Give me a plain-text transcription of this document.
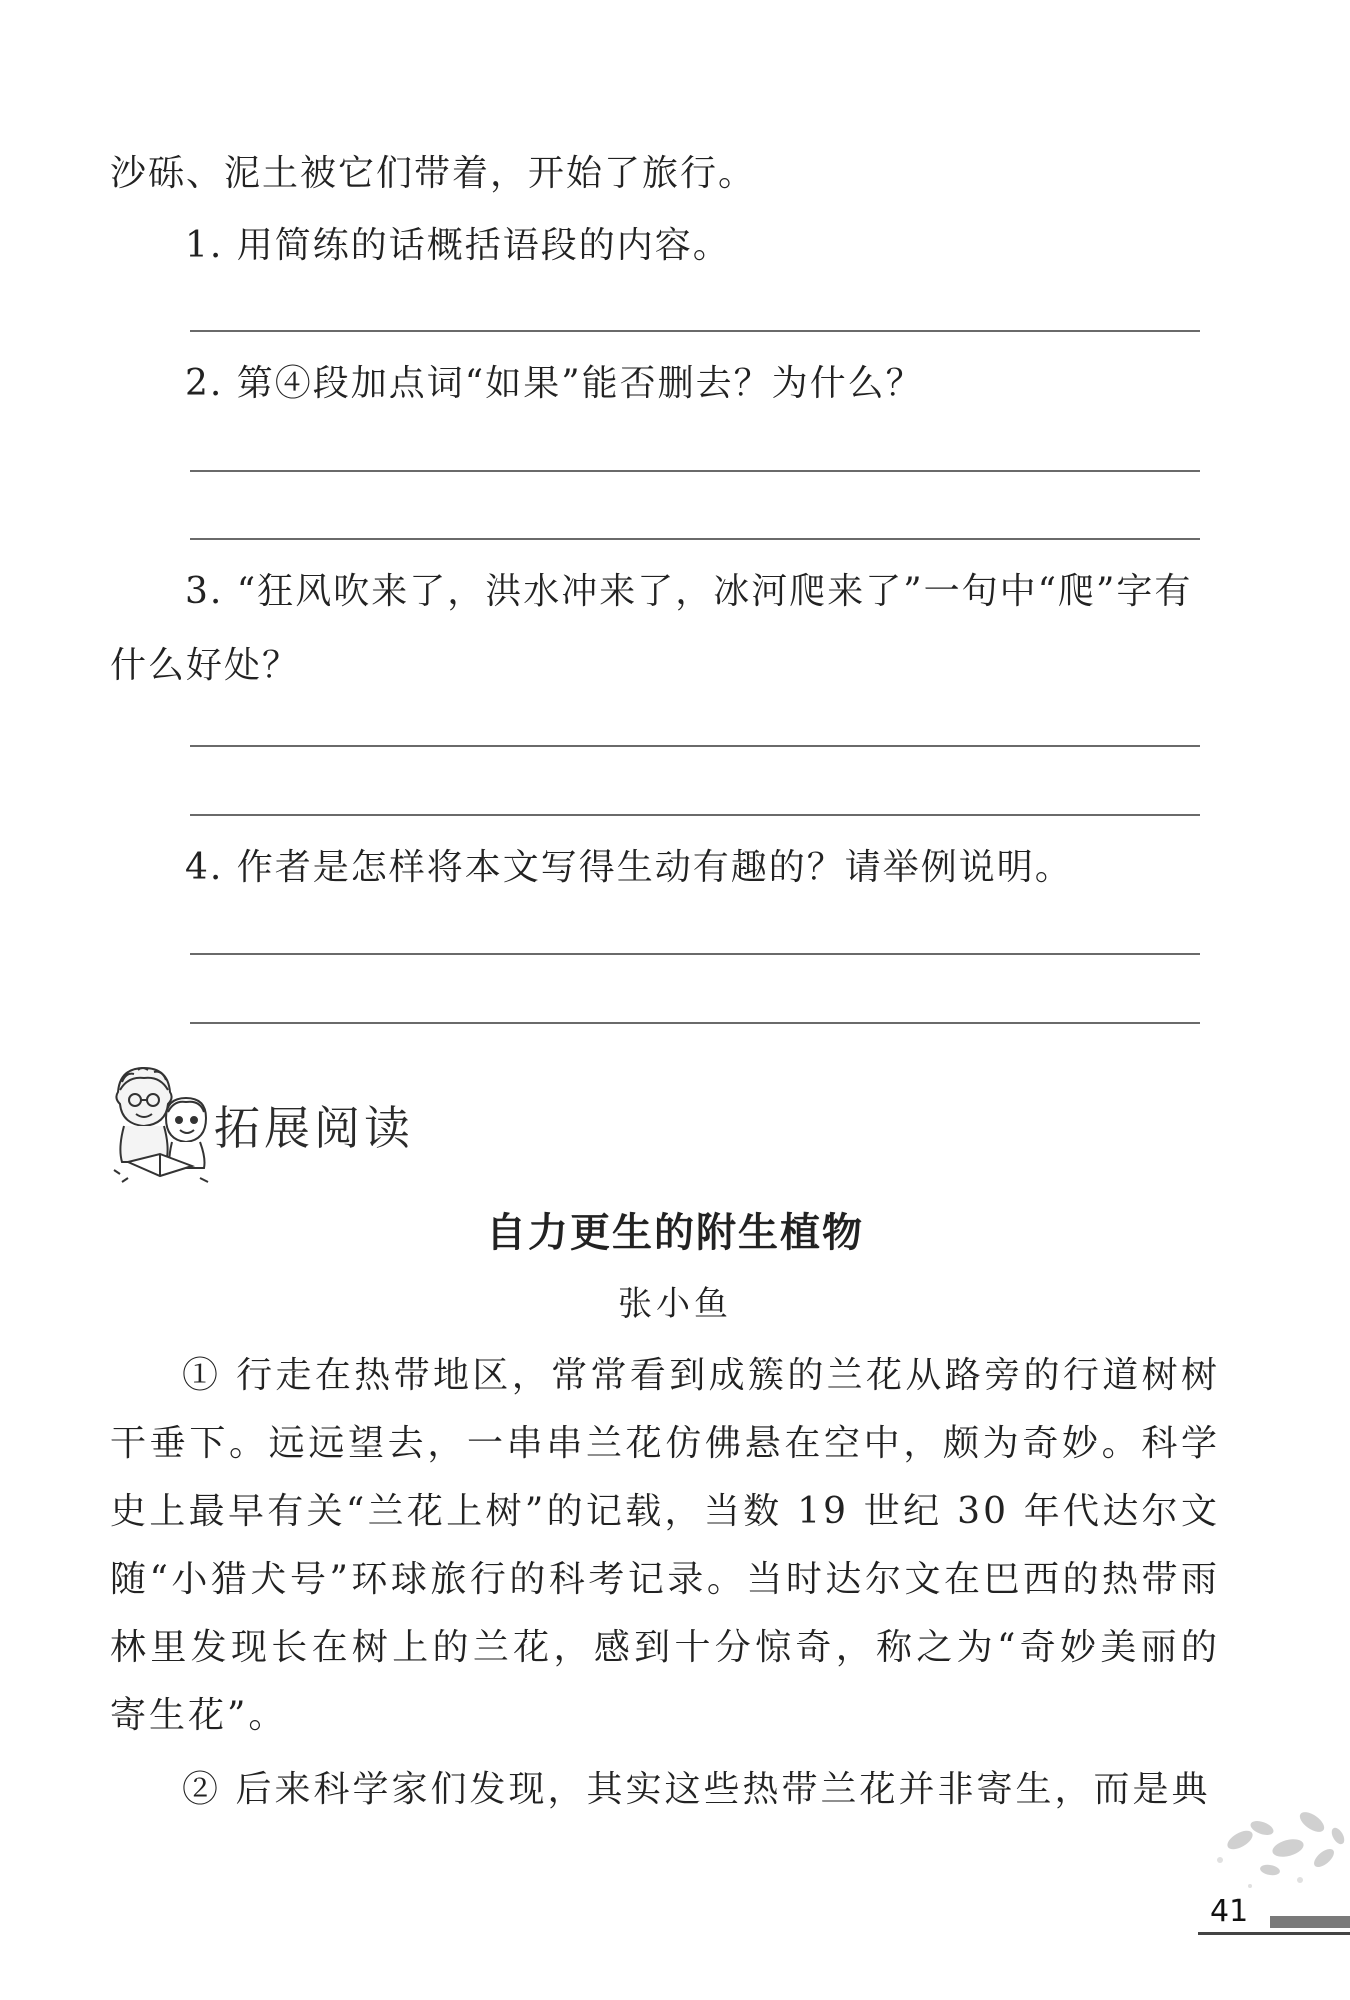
沙砾、泥土被它们带着，开始了旅行。
1. 用简练的话概括语段的内容。
2. 第④段加点词“如果”能否删去？为什么？
3. “狂风吹来了，洪水冲来了，冰河爬来了”一句中“爬”字有
什么好处？
4. 作者是怎样将本文写得生动有趣的？请举例说明。
拓展阅读
自力更生的附生植物
张小鱼
① 行走在热带地区，常常看到成簇的兰花从路旁的行道树树干垂下。远远望去，一串串兰花仿佛悬在空中，颇为奇妙。科学史上最早有关“兰花上树”的记载，当数 19 世纪 30 年代达尔文随“小猎犬号”环球旅行的科考记录。当时达尔文在巴西的热带雨林里发现长在树上的兰花，感到十分惊奇，称之为“奇妙美丽的寄生花”。
② 后来科学家们发现，其实这些热带兰花并非寄生，而是典
41
